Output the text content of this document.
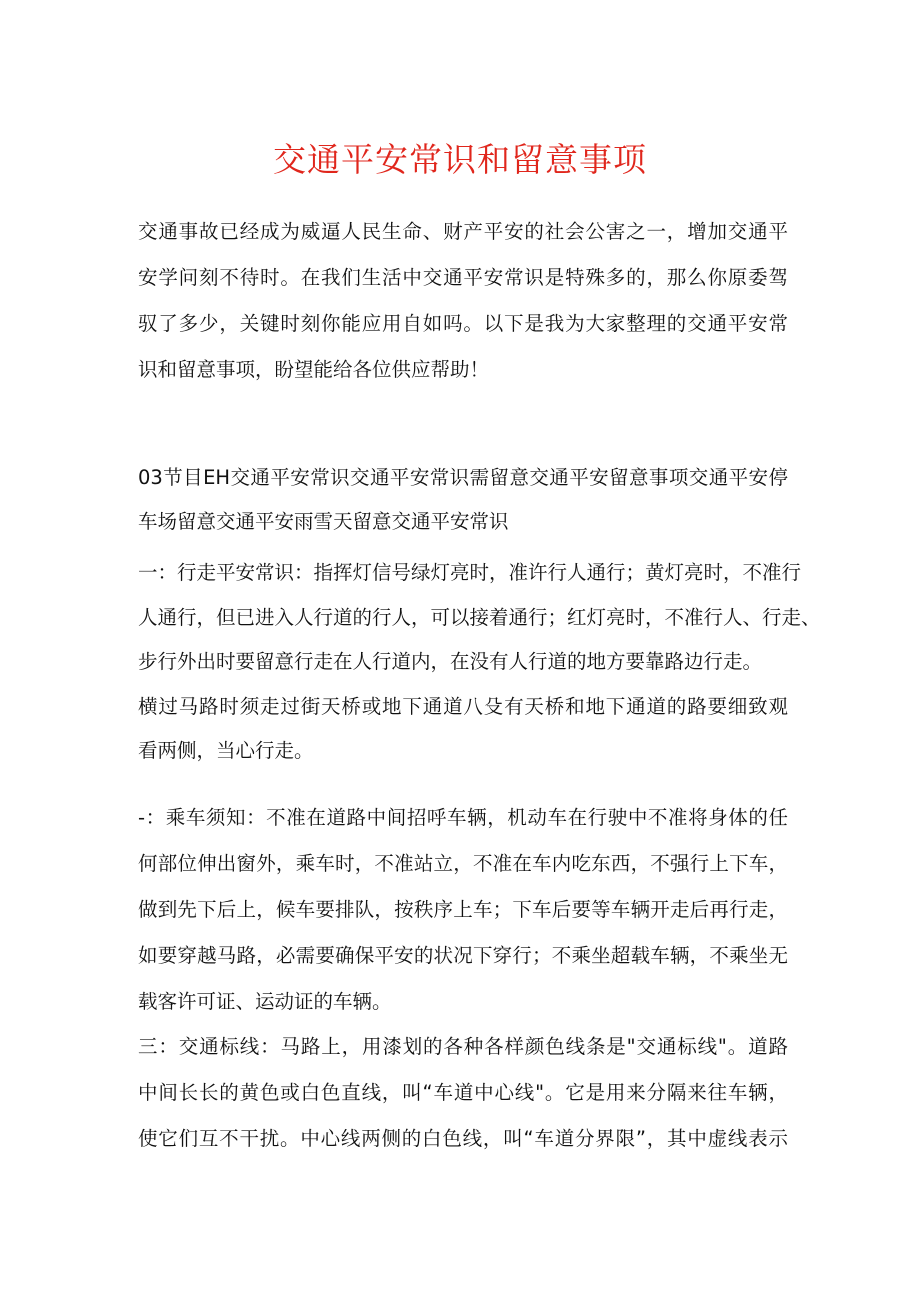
交通平安常识和留意事项
交通事故已经成为威逼人民生命、财产平安的社会公害之一，增加交通平
安学问刻不待时。在我们生活中交通平安常识是特殊多的，那么你原委驾
驭了多少，关键时刻你能应用自如吗。以下是我为大家整理的交通平安常
识和留意事项，盼望能给各位供应帮助！
03节目EH交通平安常识交通平安常识需留意交通平安留意事项交通平安停
车场留意交通平安雨雪天留意交通平安常识
一：行走平安常识：指挥灯信号绿灯亮时，准许行人通行；黄灯亮时，不准行
人通行，但已进入人行道的行人，可以接着通行；红灯亮时，不准行人、行走、
步行外出时要留意行走在人行道内，在没有人行道的地方要靠路边行走。
横过马路时须走过街天桥或地下通道八殳有天桥和地下通道的路要细致观
看两侧，当心行走。
-：乘车须知：不准在道路中间招呼车辆，机动车在行驶中不准将身体的任
何部位伸出窗外，乘车时，不准站立，不准在车内吃东西，不强行上下车，
做到先下后上，候车要排队，按秩序上车；下车后要等车辆开走后再行走，
如要穿越马路，必需要确保平安的状况下穿行；不乘坐超载车辆，不乘坐无
载客许可证、运动证的车辆。
三：交通标线：马路上，用漆划的各种各样颜色线条是"交通标线"。道路
中间长长的黄色或白色直线，叫“车道中心线"。它是用来分隔来往车辆，
使它们互不干扰。中心线两侧的白色线，叫“车道分界限”，其中虚线表示
